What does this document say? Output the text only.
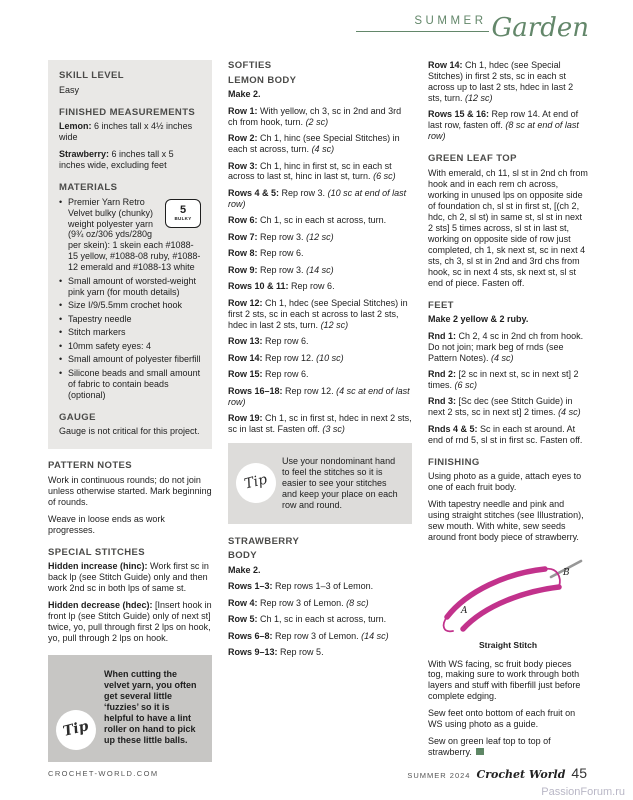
SUMMER Garden
SKILL LEVEL

Easy

FINISHED MEASUREMENTS

Lemon: 6 inches tall x 4½ inches wide

Strawberry: 6 inches tall x 5 inches wide, excluding feet

MATERIALS
5
BULKY
• Premier Yarn Retro Velvet bulky (chunky) weight polyester yarn (9¾ oz/306 yds/280g per skein): 1 skein each #1088-15 yellow, #1088-08 ruby, #1088-12 emerald and #1088-13 white
• Small amount of worsted-weight pink yarn (for mouth details)
• Size I/9/5.5mm crochet hook
• Tapestry needle
• Stitch markers
• 10mm safety eyes: 4
• Small amount of polyester fiberfill
• Silicone beads and small amount of fabric to contain beads (optional)
GAUGE

Gauge is not critical for this project.

PATTERN NOTES

Work in continuous rounds; do not join unless otherwise started. Mark beginning of rounds.

Weave in loose ends as work progresses.

SPECIAL STITCHES

Hidden increase (hinc): Work first sc in back lp (see Stitch Guide) only and then work 2nd sc in both lps of same st.

Hidden decrease (hdec): [Insert hook in front lp (see Stitch Guide) only of next st] twice, yo, pull through first 2 lps on hook, yo, pull through 2 lps on hook.

Tip

When cutting the velvet yarn, you often get several little ‘fuzzies’ so it is helpful to have a lint roller on hand to pick up these little balls.

SOFTIES
LEMON BODY

Make 2.

Row 1: With yellow, ch 3, sc in 2nd and 3rd ch from hook, turn. (2 sc)

Row 2: Ch 1, hinc (see Special Stitches) in each st across, turn. (4 sc)

Row 3: Ch 1, hinc in first st, sc in each st across to last st, hinc in last st, turn. (6 sc)

Rows 4 & 5: Rep row 3. (10 sc at end of last row)

Row 6: Ch 1, sc in each st across, turn.

Row 7: Rep row 3. (12 sc)

Row 8: Rep row 6.

Row 9: Rep row 3. (14 sc)

Rows 10 & 11: Rep row 6.

Row 12: Ch 1, hdec (see Special Stitches) in first 2 sts, sc in each st across to last 2 sts, hdec in last 2 sts, turn. (12 sc)

Row 13: Rep row 6.

Row 14: Rep row 12. (10 sc)

Row 15: Rep row 6.

Rows 16–18: Rep row 12. (4 sc at end of last row)

Row 19: Ch 1, sc in first st, hdec in next 2 sts, sc in last st. Fasten off. (3 sc)

Tip

Use your nondominant hand to feel the stitches so it is easier to see your stitches and keep your place on each row and round.

STRAWBERRY
BODY

Make 2.

Rows 1–3: Rep rows 1–3 of Lemon.

Row 4: Rep row 3 of Lemon. (8 sc)

Row 5: Ch 1, sc in each st across, turn.

Rows 6–8: Rep row 3 of Lemon. (14 sc)

Rows 9–13: Rep row 5.

Row 14: Ch 1, hdec (see Special Stitches) in first 2 sts, sc in each st across up to last 2 sts, hdec in last 2 sts, turn. (12 sc)

Rows 15 & 16: Rep row 14. At end of last row, fasten off. (8 sc at end of last row)

GREEN LEAF TOP

With emerald, ch 11, sl st in 2nd ch from hook and in each rem ch across, working in unused lps on opposite side of foundation ch, sl st in first st, [(ch 2, hdc, ch 2, sl st) in same st, sl st in next 2 sts] 5 times across, sl st in last st, working on opposite side of row just completed, ch 1, sk next st, sc in next 4 sts, ch 3, sl st in 2nd and 3rd chs from hook, sc in next 4 sts, sk next st, sl st end of piece. Fasten off.

FEET

Make 2 yellow & 2 ruby.

Rnd 1: Ch 2, 4 sc in 2nd ch from hook. Do not join; mark beg of rnds (see Pattern Notes). (4 sc)

Rnd 2: [2 sc in next st, sc in next st] 2 times. (6 sc)

Rnd 3: [Sc dec (see Stitch Guide) in next 2 sts, sc in next st] 2 times. (4 sc)

Rnds 4 & 5: Sc in each st around. At end of rnd 5, sl st in first sc. Fasten off.

FINISHING

Using photo as a guide, attach eyes to one of each fruit body.

With tapestry needle and pink and using straight stitches (see Illustration), sew mouth. With white, sew seeds around front body piece of strawberry.

A
B
Straight Stitch

With WS facing, sc fruit body pieces tog, making sure to work through both layers and stuff with fiberfill just before complete edging.

Sew feet onto bottom of each fruit on WS using photo as a guide.

Sew on green leaf top to top of strawberry.

CROCHET-WORLD.COM	SUMMER 2024 Crochet World 45
PassionForum.ru
